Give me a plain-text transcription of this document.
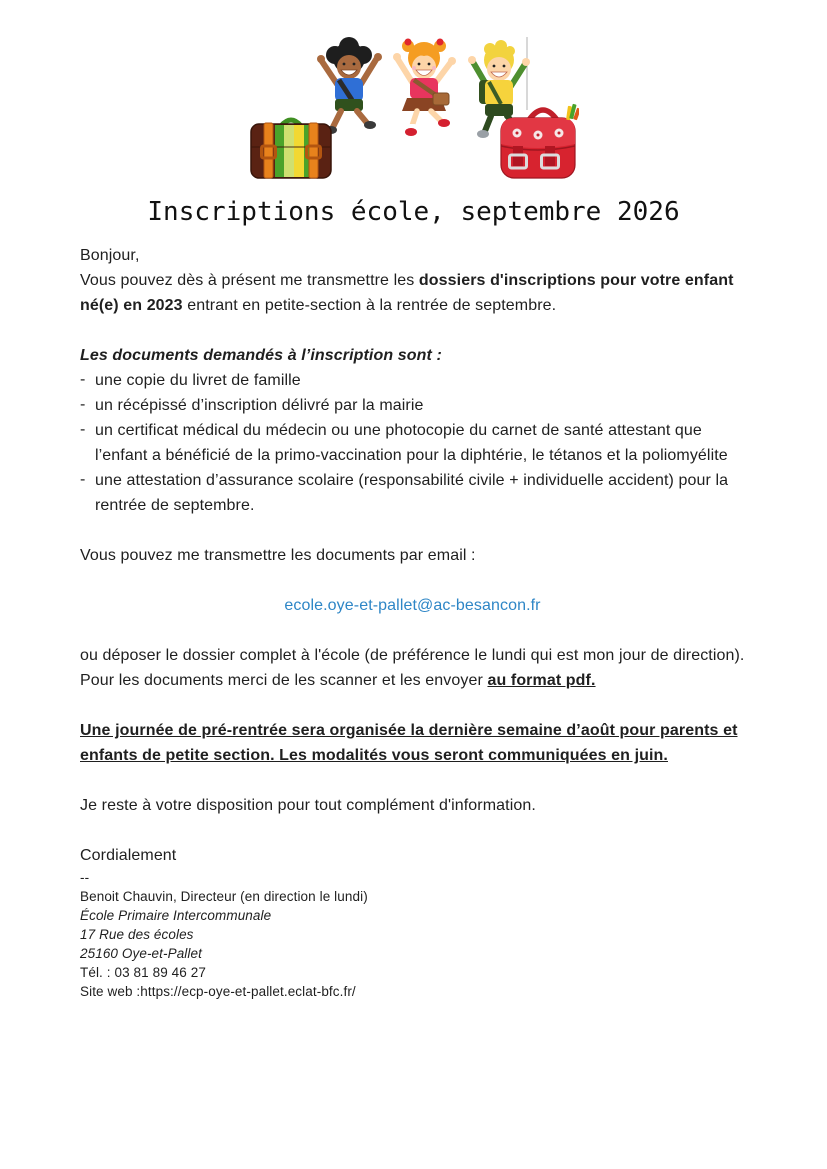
Inscriptions école, septembre 2026
Bonjour,

Vous pouvez dès à présent me transmettre les dossiers d'inscriptions pour votre enfant né(e) en 2023 entrant en petite-section à la rentrée de septembre.

Les documents demandés à l’inscription sont :

- une copie du livret de famille
- un récépissé d’inscription délivré par la mairie
- un certificat médical du médecin ou une photocopie du carnet de santé attestant que l’enfant a bénéficié de la primo-vaccination pour la diphtérie, le tétanos et la poliomyélite
- une attestation d’assurance scolaire (responsabilité civile + individuelle accident) pour la rentrée de septembre.

Vous pouvez me transmettre les documents par email :

ecole.oye-et-pallet@ac-besancon.fr

ou déposer le dossier complet à l'école (de préférence le lundi qui est mon jour de direction).

Pour les documents merci de les scanner et les envoyer au format pdf.

Une journée de pré-rentrée sera organisée la dernière semaine d’août pour parents et enfants de petite section. Les modalités vous seront communiquées en juin.

Je reste à votre disposition pour tout complément d'information.

Cordialement

--
Benoit Chauvin, Directeur (en direction le lundi)
École Primaire Intercommunale
17 Rue des écoles
25160 Oye-et-Pallet
Tél. : 03 81 89 46 27
Site web :https://ecp-oye-et-pallet.eclat-bfc.fr/
